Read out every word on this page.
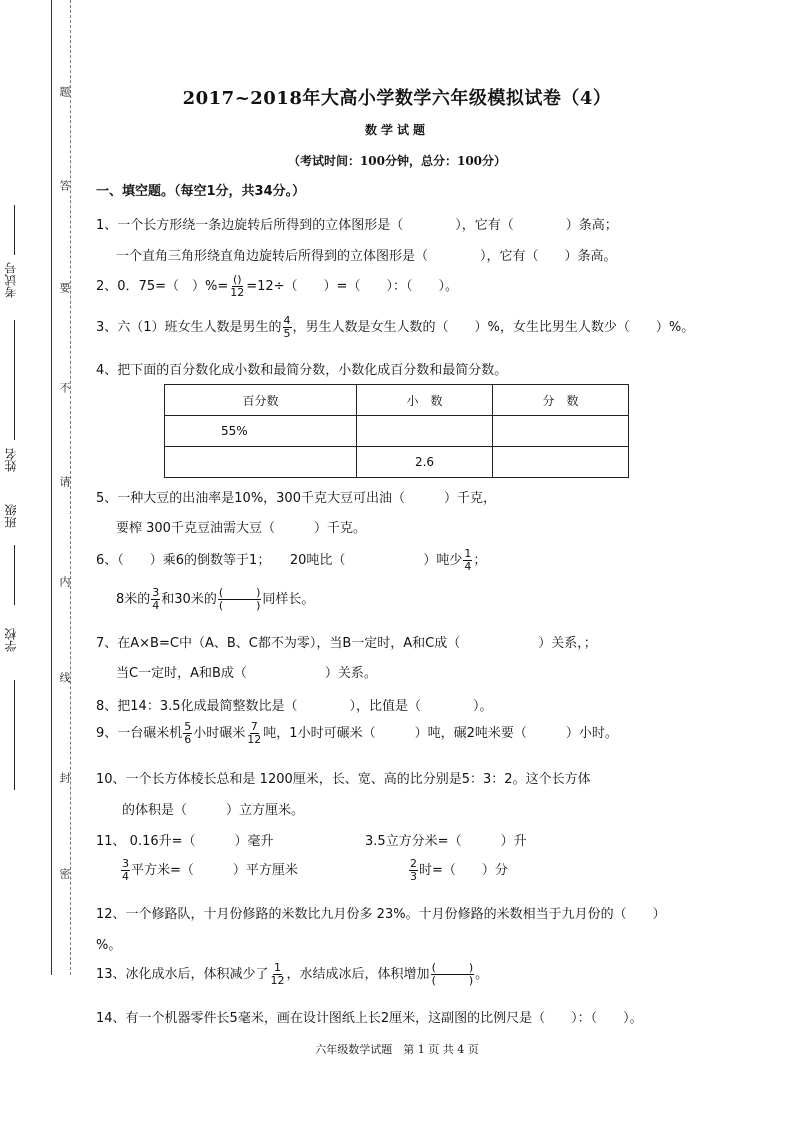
题
答
要
不
请
内
线
封
密
考试号
姓名
班级
学校
2017~2018年大高小学数学六年级模拟试卷（4）
数学试题
（考试时间：100分钟，总分：100分）
一、填空题。（每空1分，共34分。）
1、一个长方形绕一条边旋转后所得到的立体图形是（　　　　），它有（　　　　）条高；
一个直角三角形绕直角边旋转后所得到的立体图形是（　　　　），它有（　　）条高。
2、0．75=（　）%= $\frac{()}{12} =12\div$（　　）=（　　）：（　　）。
3、六（1）班女生人数是男生的 $\frac{4}{5}$ ，男生人数是女生人数的（　　）%，女生比男生人数少（　　）%。
4、把下面的百分数化成小数和最简分数，小数化成百分数和最简分数。
百分数	小　数	分　数
55%		
	2.6	
5、一种大豆的出油率是10%，300千克大豆可出油（　　　）千克，
要榨 300千克豆油需大豆（　　　）千克。
6、（　　）乘6的倒数等于1；　　20吨比（　　　　　　）吨少 $\frac{1}{4}$ ；
8米的 $\frac{3}{4}$ 和30米的 $\frac{( )}{( )}$ 同样长。
7、在A×B=C中（A、B、C都不为零），当B一定时，A和C成（　　　　　　）关系，；
当C一定时，A和B成（　　　　　　）关系。
8、把14：3.5化成最简整数比是（　　　　），比值是（　　　　）。
9、一台碾米机 $\frac{5}{6}$ 小时碾米 $\frac{7}{12}$ 吨，1小时可碾米（　　　）吨，碾2吨米要（　　　）小时。
10、一个长方体棱长总和是 1200厘米，长、宽、高的比分别是5：3：2。这个长方体
的体积是（　　　）立方厘米。
11、 0.16升=（　　　）毫升	3.5立方分米=（　　　）升
$\frac{3}{4}$ 平方米=（　　　）平方厘米	$\frac{2}{3}$ 时=（　　）分
12、一个修路队，十月份修路的米数比九月份多 23%。十月份修路的米数相当于九月份的（　　）
%。
13、冰化成水后，体积减少了 $\frac{1}{12}$ ，水结成冰后，体积增加 $\frac{( )}{( )}$ 。
14、有一个机器零件长5毫米，画在设计图纸上长2厘米，这副图的比例尺是（　　）：（　　）。
六年级数学试题　第 1 页 共 4 页
